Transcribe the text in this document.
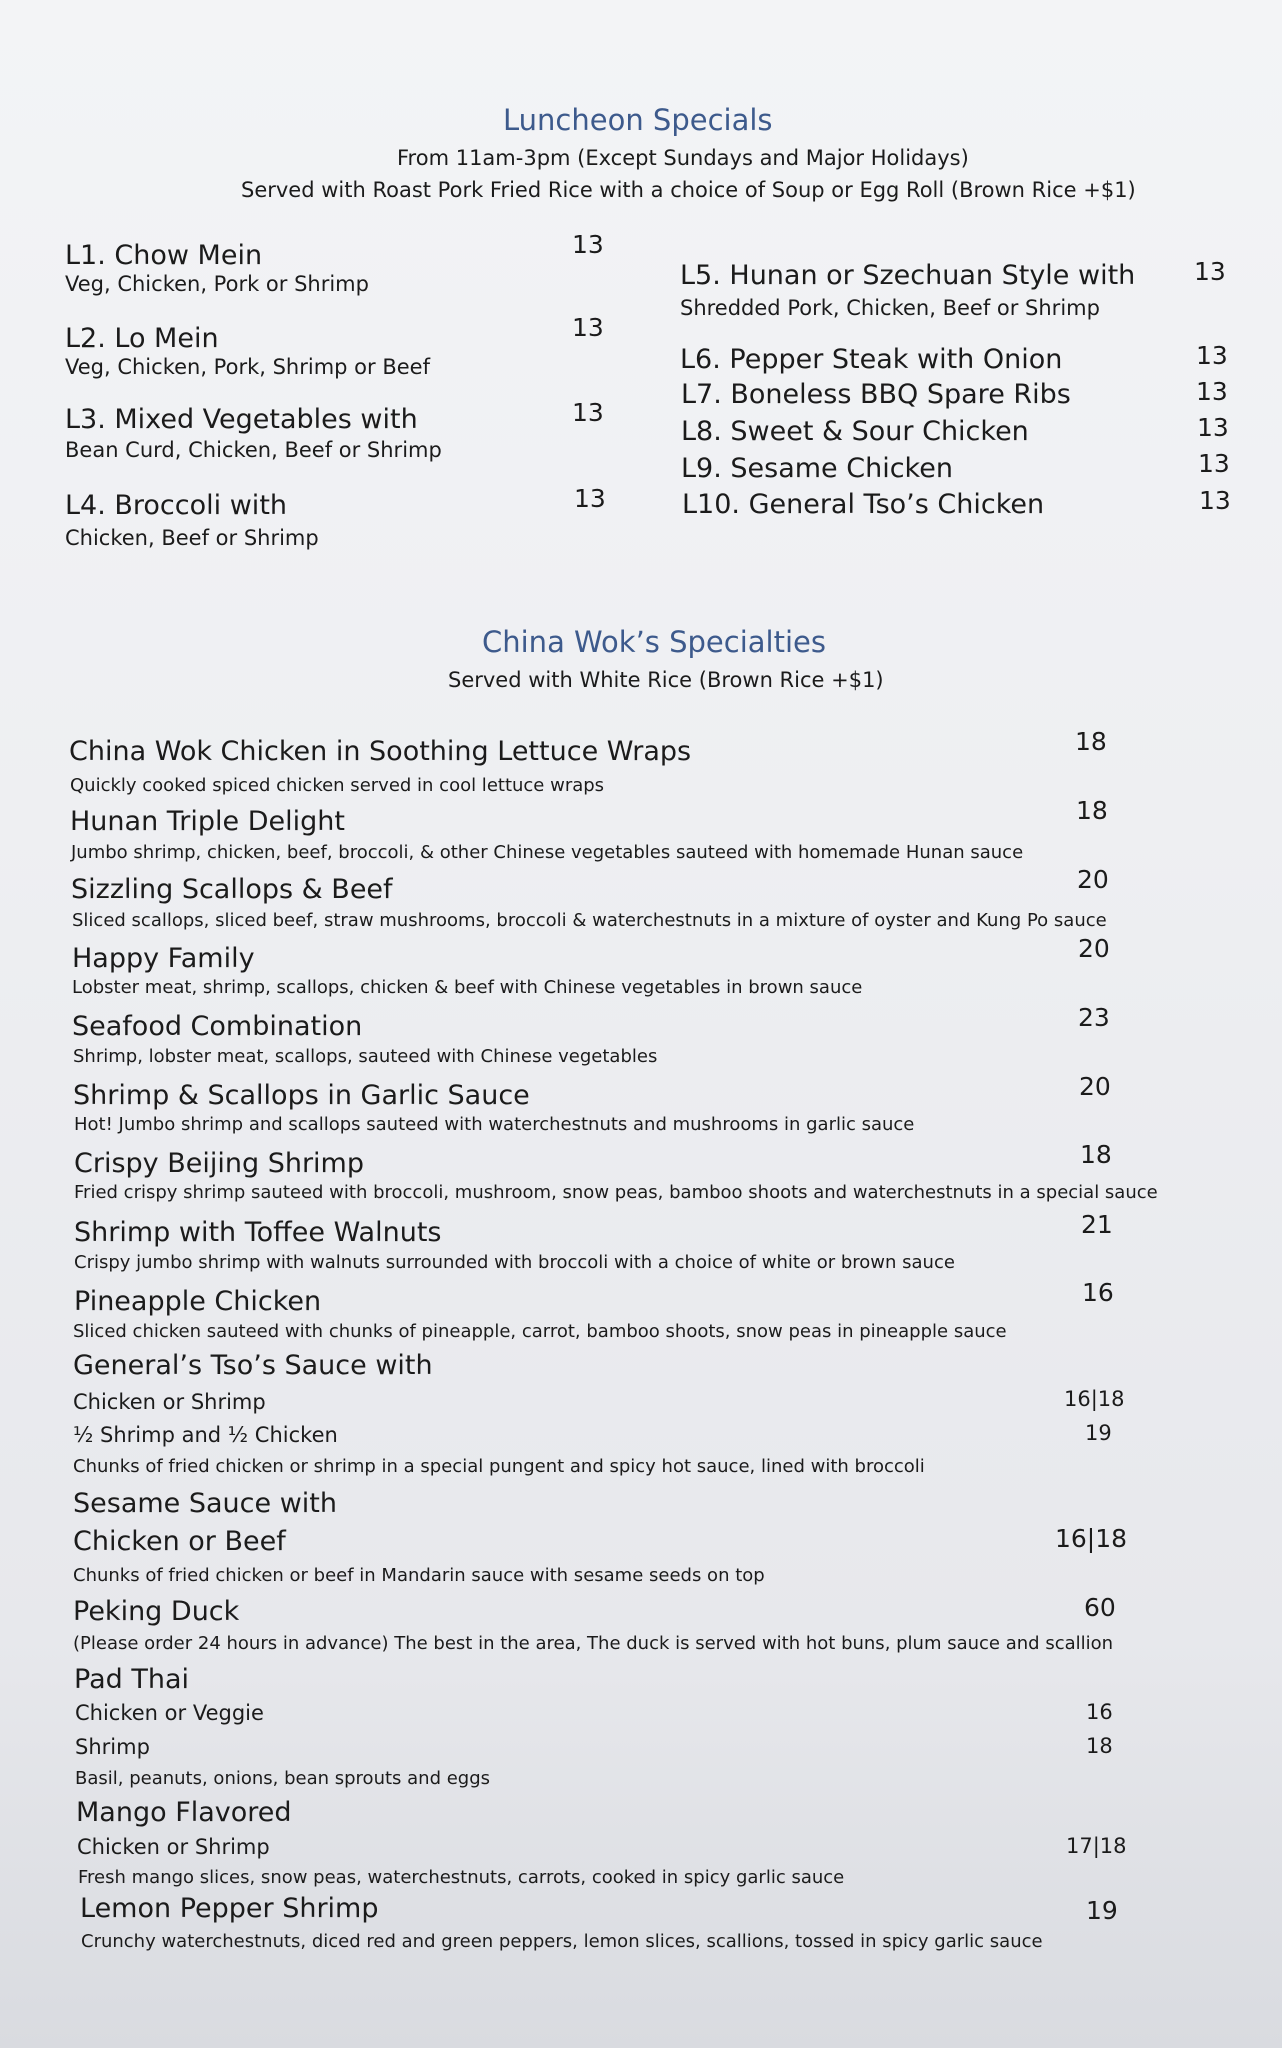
Luncheon Specials
From 11am-3pm (Except Sundays and Major Holidays)
Served with Roast Pork Fried Rice with a choice of Soup or Egg Roll (Brown Rice +$1)
L1. Chow Mein
Veg, Chicken, Pork or Shrimp
13
L2. Lo Mein
Veg, Chicken, Pork, Shrimp or Beef
13
L3. Mixed Vegetables with
Bean Curd, Chicken, Beef or Shrimp
13
L4. Broccoli with
Chicken, Beef or Shrimp
13
L5. Hunan or Szechuan Style with
Shredded Pork, Chicken, Beef or Shrimp
13
L6. Pepper Steak with Onion	13
L7. Boneless BBQ Spare Ribs	13
L8. Sweet & Sour Chicken	13
L9. Sesame Chicken	13
L10. General Tso’s Chicken	13
China Wok’s Specialties
Served with White Rice (Brown Rice +$1)
China Wok Chicken in Soothing Lettuce Wraps
Quickly cooked spiced chicken served in cool lettuce wraps
18
Hunan Triple Delight
Jumbo shrimp, chicken, beef, broccoli, & other Chinese vegetables sauteed with homemade Hunan sauce
18
Sizzling Scallops & Beef
Sliced scallops, sliced beef, straw mushrooms, broccoli & waterchestnuts in a mixture of oyster and Kung Po sauce
20
Happy Family
Lobster meat, shrimp, scallops, chicken & beef with Chinese vegetables in brown sauce
20
Seafood Combination
Shrimp, lobster meat, scallops, sauteed with Chinese vegetables
23
Shrimp & Scallops in Garlic Sauce
Hot! Jumbo shrimp and scallops sauteed with waterchestnuts and mushrooms in garlic sauce
20
Crispy Beijing Shrimp
Fried crispy shrimp sauteed with broccoli, mushroom, snow peas, bamboo shoots and waterchestnuts in a special sauce
18
Shrimp with Toffee Walnuts
Crispy jumbo shrimp with walnuts surrounded with broccoli with a choice of white or brown sauce
21
Pineapple Chicken
Sliced chicken sauteed with chunks of pineapple, carrot, bamboo shoots, snow peas in pineapple sauce
16
General’s Tso’s Sauce with
Chicken or Shrimp	16|18
½ Shrimp and ½ Chicken	19
Chunks of fried chicken or shrimp in a special pungent and spicy hot sauce, lined with broccoli
Sesame Sauce with
Chicken or Beef	16|18
Chunks of fried chicken or beef in Mandarin sauce with sesame seeds on top
Peking Duck	60
(Please order 24 hours in advance) The best in the area, The duck is served with hot buns, plum sauce and scallion
Pad Thai
Chicken or Veggie	16
Shrimp	18
Basil, peanuts, onions, bean sprouts and eggs
Mango Flavored
Chicken or Shrimp	17|18
Fresh mango slices, snow peas, waterchestnuts, carrots, cooked in spicy garlic sauce
Lemon Pepper Shrimp	19
Crunchy waterchestnuts, diced red and green peppers, lemon slices, scallions, tossed in spicy garlic sauce
